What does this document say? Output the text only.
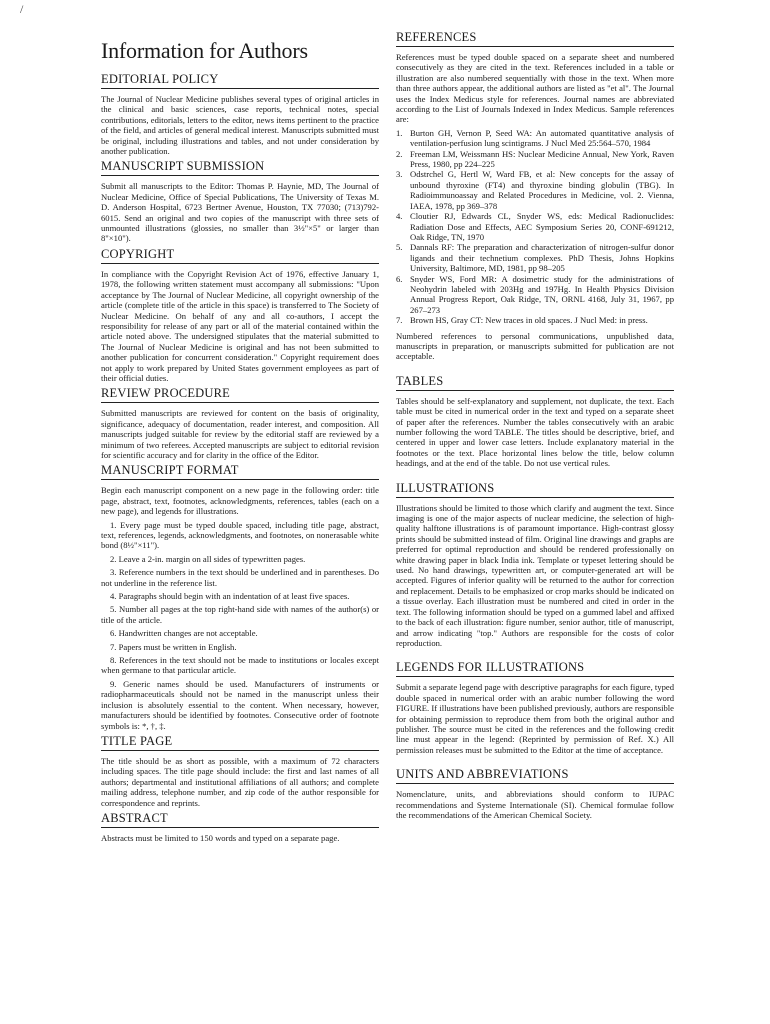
/
Information for Authors
EDITORIAL POLICY

The Journal of Nuclear Medicine publishes several types of original articles in the clinical and basic sciences, case reports, technical notes, special contributions, editorials, letters to the editor, news items pertinent to the practice of the field, and articles of general medical interest. Manuscripts submitted must be original, including illustrations and tables, and not under consideration by another publication.

MANUSCRIPT SUBMISSION

Submit all manuscripts to the Editor: Thomas P. Haynie, MD, The Journal of Nuclear Medicine, Office of Special Publications, The University of Texas M. D. Anderson Hospital, 6723 Bertner Avenue, Houston, TX 77030; (713)792-6015. Send an original and two copies of the manuscript with three sets of unmounted illustrations (glossies, no smaller than 3½"×5" or larger than 8"×10").

COPYRIGHT

In compliance with the Copyright Revision Act of 1976, effective January 1, 1978, the following written statement must accompany all submissions: "Upon acceptance by The Journal of Nuclear Medicine, all copyright ownership of the article (complete title of the article in this space) is transferred to The Society of Nuclear Medicine. On behalf of any and all co-authors, I accept the responsibility for release of any part or all of the material contained within the article noted above. The undersigned stipulates that the material submitted to The Journal of Nuclear Medicine is original and has not been submitted to another publication for concurrent consideration." Copyright requirement does not apply to work prepared by United States government employees as part of their official duties.

REVIEW PROCEDURE

Submitted manuscripts are reviewed for content on the basis of originality, significance, adequacy of documentation, reader interest, and composition. All manuscripts judged suitable for review by the editorial staff are reviewed by a minimum of two referees. Accepted manuscripts are subject to editorial revision for scientific accuracy and for clarity in the office of the Editor.

MANUSCRIPT FORMAT

Begin each manuscript component on a new page in the following order: title page, abstract, text, footnotes, acknowledgments, references, tables (each on a new page), and legends for illustrations.

1. Every page must be typed double spaced, including title page, abstract, text, references, legends, acknowledgments, and footnotes, on nonerasable white bond (8½"×11").

2. Leave a 2-in. margin on all sides of typewritten pages.

3. Reference numbers in the text should be underlined and in parentheses. Do not underline in the reference list.

4. Paragraphs should begin with an indentation of at least five spaces.

5. Number all pages at the top right-hand side with names of the author(s) or title of the article.

6. Handwritten changes are not acceptable.

7. Papers must be written in English.

8. References in the text should not be made to institutions or locales except when germane to that particular article.

9. Generic names should be used. Manufacturers of instruments or radiopharmaceuticals should not be named in the manuscript unless their inclusion is absolutely essential to the content. When necessary, however, manufacturers should be identified by footnotes. Consecutive order of footnote symbols is: *, †, ‡.

TITLE PAGE

The title should be as short as possible, with a maximum of 72 characters including spaces. The title page should include: the first and last names of all authors; departmental and institutional affiliations of all authors; and complete mailing address, telephone number, and zip code of the author responsible for correspondence and reprints.

ABSTRACT

Abstracts must be limited to 150 words and typed on a separate page.

REFERENCES

References must be typed double spaced on a separate sheet and numbered consecutively as they are cited in the text. References included in a table or illustration are also numbered sequentially with those in the text. When more than three authors appear, the additional authors are listed as "et al". The Journal uses the Index Medicus style for references. Journal names are abbreviated according to the List of Journals Indexed in Index Medicus. Sample references are:

1. Burton GH, Vernon P, Seed WA: An automated quantitative analysis of ventilation-perfusion lung scintigrams. J Nucl Med 25:564–570, 1984
2. Freeman LM, Weissmann HS: Nuclear Medicine Annual, New York, Raven Press, 1980, pp 224–225
3. Odstrchel G, Hertl W, Ward FB, et al: New concepts for the assay of unbound thyroxine (FT4) and thyroxine binding globulin (TBG). In Radioimmunoassay and Related Procedures in Medicine, vol. 2. Vienna, IAEA, 1978, pp 369–378
4. Cloutier RJ, Edwards CL, Snyder WS, eds: Medical Radionuclides: Radiation Dose and Effects, AEC Symposium Series 20, CONF-691212, Oak Ridge, TN, 1970
5. Dannals RF: The preparation and characterization of nitrogen-sulfur donor ligands and their technetium complexes. PhD Thesis, Johns Hopkins University, Baltimore, MD, 1981, pp 98–205
6. Snyder WS, Ford MR: A dosimetric study for the administrations of Neohydrin labeled with 203Hg and 197Hg. In Health Physics Division Annual Progress Report, Oak Ridge, TN, ORNL 4168, July 31, 1967, pp 267–273
7. Brown HS, Gray CT: New traces in old spaces. J Nucl Med: in press.

Numbered references to personal communications, unpublished data, manuscripts in preparation, or manuscripts submitted for publication are not acceptable.

TABLES

Tables should be self-explanatory and supplement, not duplicate, the text. Each table must be cited in numerical order in the text and typed on a separate sheet of paper after the references. Number the tables consecutively with an arabic number following the word TABLE. The titles should be descriptive, brief, and centered in upper and lower case letters. Include explanatory material in the footnotes or the text. Place horizontal lines below the title, below column headings, and at the end of the table. Do not use vertical rules.

ILLUSTRATIONS

Illustrations should be limited to those which clarify and augment the text. Since imaging is one of the major aspects of nuclear medicine, the selection of high-quality halftone illustrations is of paramount importance. High-contrast glossy prints should be submitted instead of film. Original line drawings and graphs are preferred for optimal reproduction and should be rendered professionally on white drawing paper in black India ink. Template or typeset lettering should be used. No hand drawings, typewritten art, or computer-generated art will be accepted. Figures of inferior quality will be returned to the author for correction and replacement. Details to be emphasized or crop marks should be indicated on a tissue overlay. Each illustration must be numbered and cited in order in the text. The following information should be typed on a gummed label and affixed to the back of each illustration: figure number, senior author, title of manuscript, and arrow indicating "top." Authors are responsible for the costs of color reproduction.

LEGENDS FOR ILLUSTRATIONS

Submit a separate legend page with descriptive paragraphs for each figure, typed double spaced in numerical order with an arabic number following the word FIGURE. If illustrations have been published previously, authors are responsible for obtaining permission to reproduce them from both the original author and publisher. The source must be cited in the references and the following credit line must appear in the legend: (Reprinted by permission of Ref. X.) All permission releases must be submitted to the Editor at the time of acceptance.

UNITS AND ABBREVIATIONS

Nomenclature, units, and abbreviations should conform to IUPAC recommendations and Systeme Internationale (SI). Chemical formulae follow the recommendations of the American Chemical Society.
